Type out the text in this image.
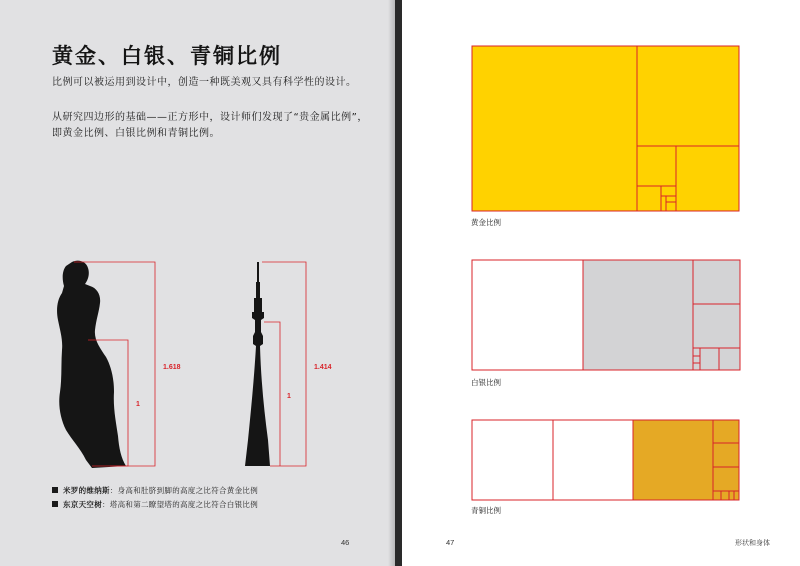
黄金、白银、青铜比例
比例可以被运用到设计中，创造一种既美观又具有科学性的设计。
从研究四边形的基础——正方形中，设计师们发现了“贵金属比例”，
即黄金比例、白银比例和青铜比例。
1.618
1
1.414
1
米罗的维纳斯：身高和肚脐到脚的高度之比符合黄金比例
东京天空树：塔高和第二瞭望塔的高度之比符合白银比例
46
黄金比例
白银比例
青铜比例
47	形状和身体
